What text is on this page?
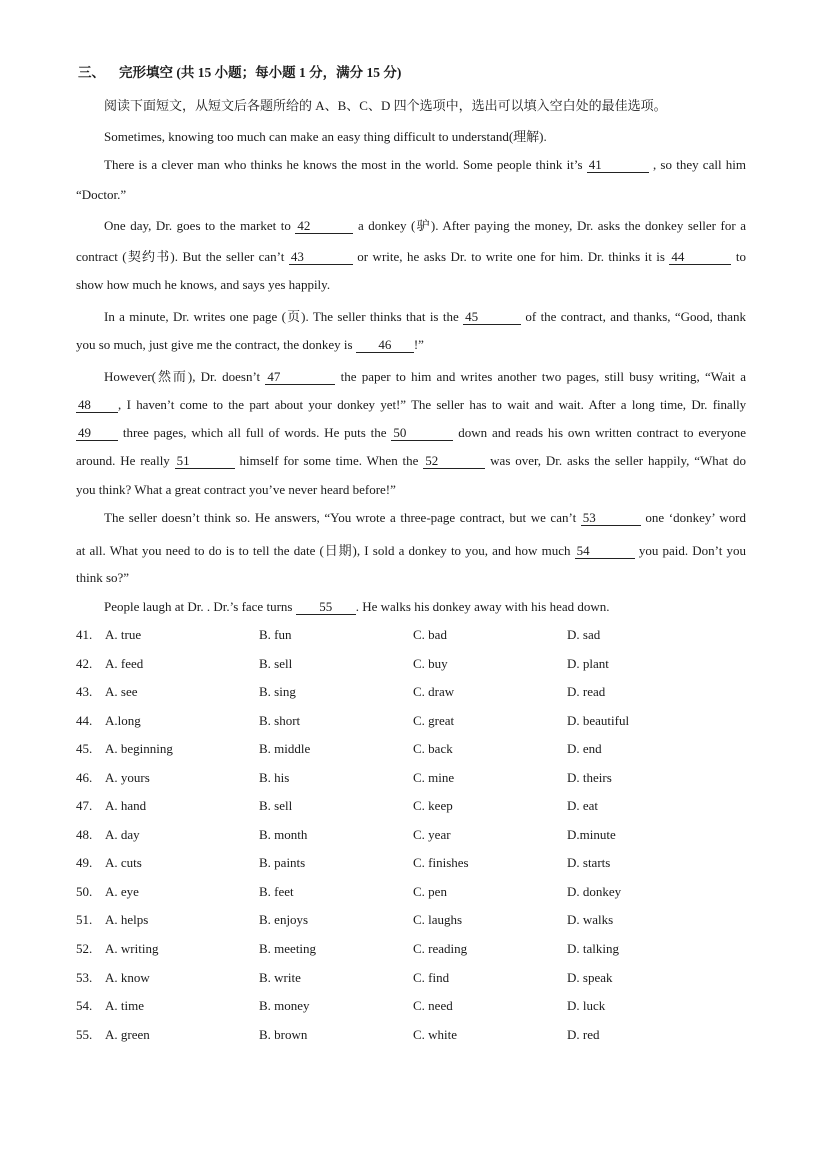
三、 完形填空 (共 15 小题；每小题 1 分，满分 15 分)
阅读下面短文，从短文后各题所给的 A、B、C、D 四个选项中，选出可以填入空白处的最佳选项。
Sometimes, knowing too much can make an easy thing difficult to understand(理解).
There is a clever man who thinks he knows the most in the world. Some people think it’s 41	, so they call him
“Doctor.”
One day, Dr. goes to the market to 42	a donkey (驴). After paying the money, Dr. asks the donkey seller for a
contract (契约书). But the seller can’t 43	or write, he asks Dr. to write one for him. Dr. thinks it is 44	to
show how much he knows, and says yes happily.
In a minute, Dr. writes one page (页). The seller thinks that is the 45	of the contract, and thanks, “Good, thank
you so much, just give me the contract, the donkey is 46 !”
However(然而), Dr. doesn’t 47	the paper to him and writes another two pages, still busy writing, “Wait a
48 , I haven’t come to the part about your donkey yet!” The seller has to wait and wait. After a long time, Dr. finally
49 three pages, which all full of words. He puts the 50	down and reads his own written contract to everyone
around. He really 51	himself for some time. When the 52	was over, Dr. asks the seller happily, “What do
you think? What a great contract you’ve never heard before!”
The seller doesn’t think so. He answers, “You wrote a three-page contract, but we can’t 53	one ‘donkey’ word
at all. What you need to do is to tell the date (日期), I sold a donkey to you, and how much 54	you paid. Don’t you
think so?”
People laugh at Dr. . Dr.’s face turns 55 . He walks his donkey away with his head down.
41. A. true	B. fun	C. bad	D. sad
42. A. feed	B. sell	C. buy	D. plant
43. A. see	B. sing	C. draw	D. read
44. A.long	B. short	C. great	D. beautiful
45. A. beginning	B. middle	C. back	D. end
46. A. yours	B. his	C. mine	D. theirs
47. A. hand	B. sell	C. keep	D. eat
48. A. day	B. month	C. year	D.minute
49. A. cuts	B. paints	C. finishes	D. starts
50. A. eye	B. feet	C. pen	D. donkey
51. A. helps	B. enjoys	C. laughs	D. walks
52. A. writing	B. meeting	C. reading	D. talking
53. A. know	B. write	C. find	D. speak
54. A. time	B. money	C. need	D. luck
55. A. green	B. brown	C. white	D. red
